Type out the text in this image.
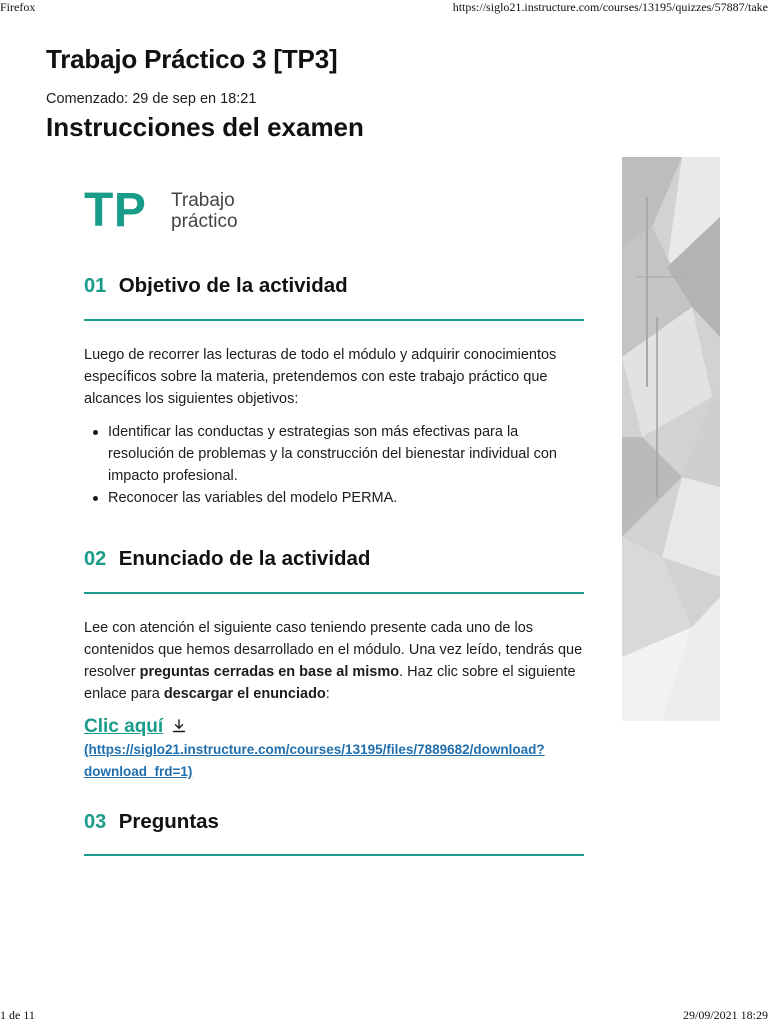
Firefox	https://siglo21.instructure.com/courses/13195/quizzes/57887/take
Trabajo Práctico 3 [TP3]
Comenzado: 29 de sep en 18:21
Instrucciones del examen
TP Trabajo
práctico
01 Objetivo de la actividad

Luego de recorrer las lecturas de todo el módulo y adquirir conocimientos específicos sobre la materia, pretendemos con este trabajo práctico que alcances los siguientes objetivos:

Identificar las conductas y estrategias son más efectivas para la resolución de problemas y la construcción del bienestar individual con impacto profesional.
Reconocer las variables del modelo PERMA.
02 Enunciado de la actividad

Lee con atención el siguiente caso teniendo presente cada uno de los contenidos que hemos desarrollado en el módulo. Una vez leído, tendrás que resolver preguntas cerradas en base al mismo. Haz clic sobre el siguiente enlace para descargar el enunciado:

Clic aquí(https://siglo21.instructure.com/courses/13195/files/7889682/download?download_frd=1)
03 Preguntas
1 de 11	29/09/2021 18:29
